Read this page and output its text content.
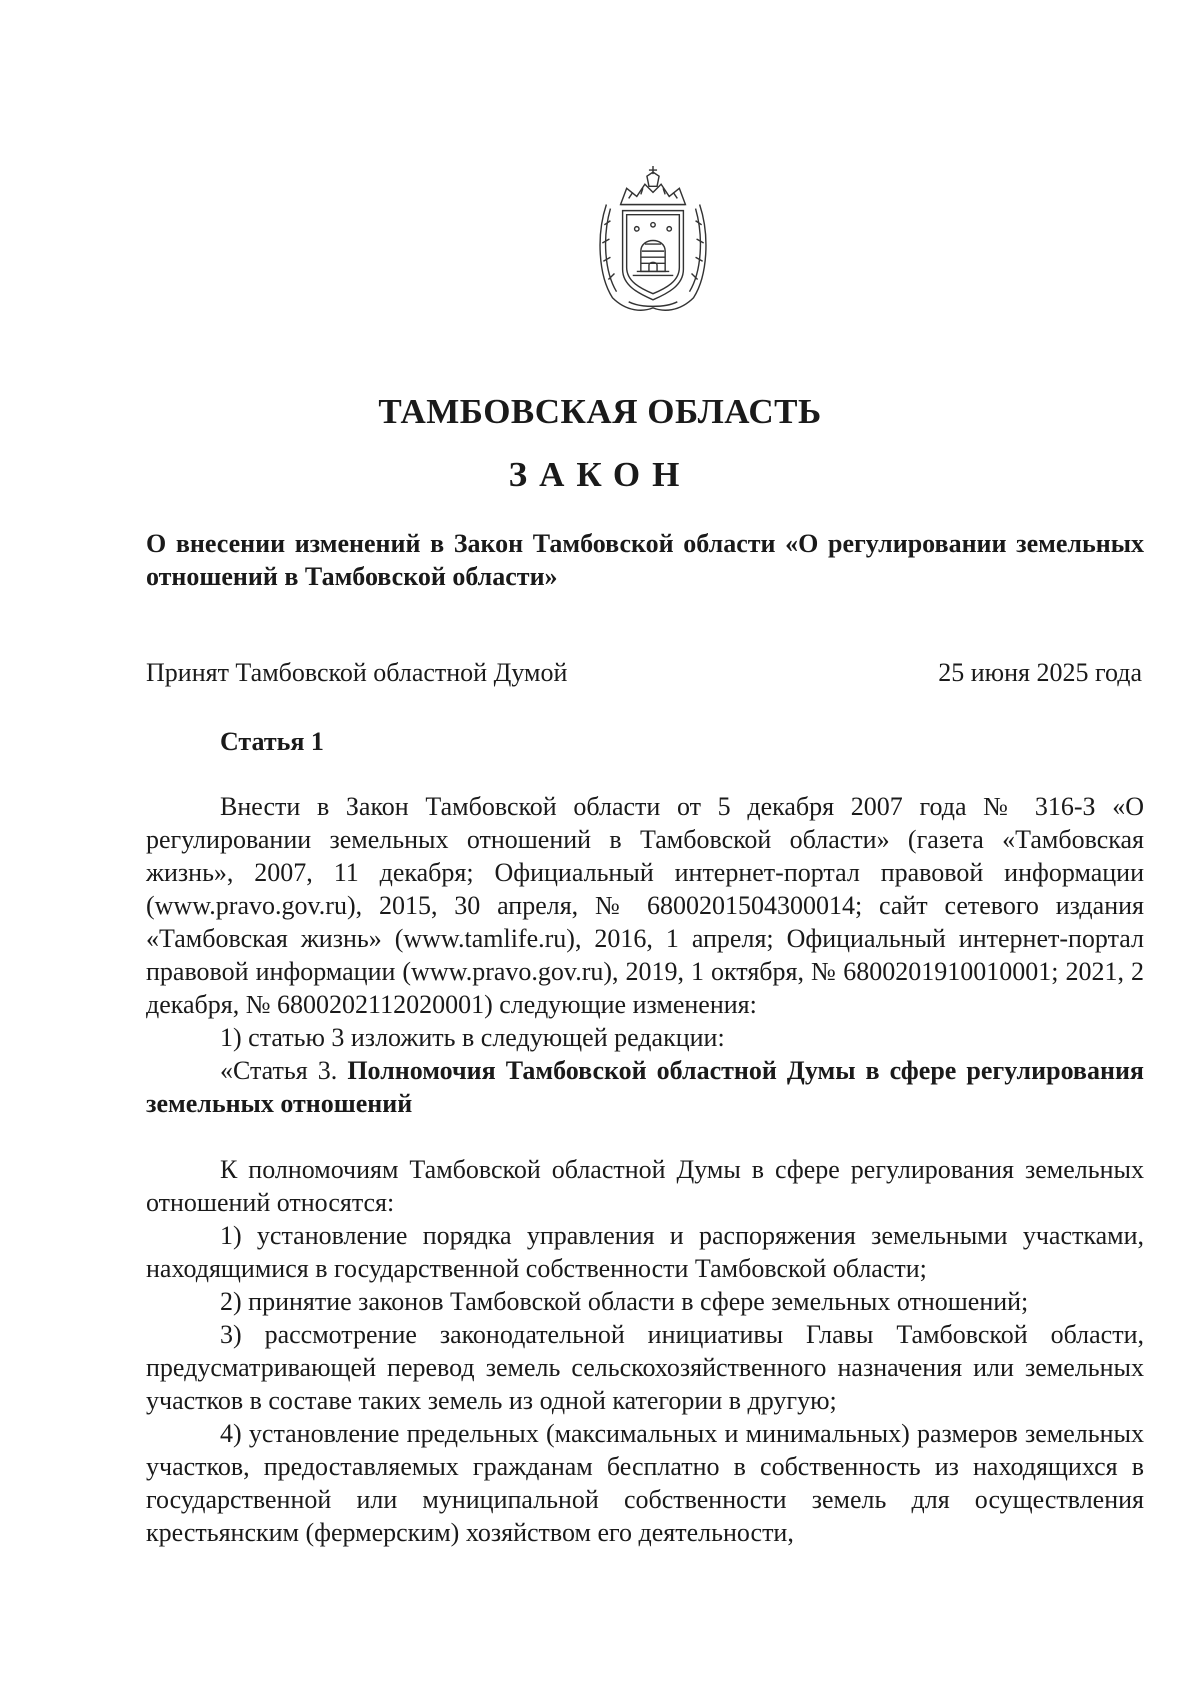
ТАМБОВСКАЯ ОБЛАСТЬ
ЗАКОН
О внесении изменений в Закон Тамбовской области «О регулировании земельных отношений в Тамбовской области»
Принят Тамбовской областной Думой	25 июня 2025 года
Статья 1

Внести в Закон Тамбовской области от 5 декабря 2007 года № 316-З «О регулировании земельных отношений в Тамбовской области» (газета «Тамбовская жизнь», 2007, 11 декабря; Официальный интернет-портал правовой информации (www.pravo.gov.ru), 2015, 30 апреля, № 6800201504300014; сайт сетевого издания «Тамбовская жизнь» (www.tamlife.ru), 2016, 1 апреля; Официальный интернет-портал правовой информации (www.pravo.gov.ru), 2019, 1 октября, № 6800201910010001; 2021, 2 декабря, № 6800202112020001) следующие изменения:

1) статью 3 изложить в следующей редакции:

«Статья 3. Полномочия Тамбовской областной Думы в сфере регулирования земельных отношений

К полномочиям Тамбовской областной Думы в сфере регулирования земельных отношений относятся:

1) установление порядка управления и распоряжения земельными участками, находящимися в государственной собственности Тамбовской области;

2) принятие законов Тамбовской области в сфере земельных отношений;

3) рассмотрение законодательной инициативы Главы Тамбовской области, предусматривающей перевод земель сельскохозяйственного назначения или земельных участков в составе таких земель из одной категории в другую;

4) установление предельных (максимальных и минимальных) размеров земельных участков, предоставляемых гражданам бесплатно в собственность из находящихся в государственной или муниципальной собственности земель для осуществления крестьянским (фермерским) хозяйством его деятельности,
